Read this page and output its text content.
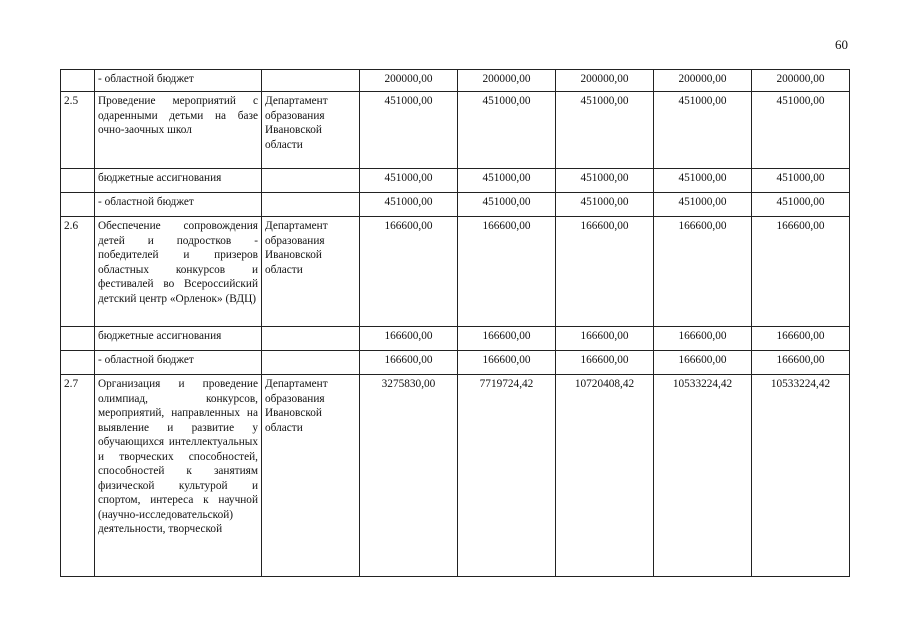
60
	- областной бюджет		200000,00	200000,00	200000,00	200000,00	200000,00
2.5	Проведение мероприятий с одаренными детьми на базе очно-заочных школ	Департамент образования Ивановской области	451000,00	451000,00	451000,00	451000,00	451000,00
	бюджетные ассигнования		451000,00	451000,00	451000,00	451000,00	451000,00
	- областной бюджет		451000,00	451000,00	451000,00	451000,00	451000,00
2.6	Обеспечение сопровождения детей и подростков - победителей и призеров областных конкурсов и фестивалей во Всероссийский детский центр «Орленок» (ВДЦ)	Департамент образования Ивановской области	166600,00	166600,00	166600,00	166600,00	166600,00
	бюджетные ассигнования		166600,00	166600,00	166600,00	166600,00	166600,00
	- областной бюджет		166600,00	166600,00	166600,00	166600,00	166600,00
2.7	Организация и проведение олимпиад, конкурсов, мероприятий, направленных на выявление и развитие у обучающихся интеллектуальных и творческих способностей, способностей к занятиям физической культурой и спортом, интереса к научной (научно-исследовательской) деятельности, творческой	Департамент образования Ивановской области	3275830,00	7719724,42	10720408,42	10533224,42	10533224,42
